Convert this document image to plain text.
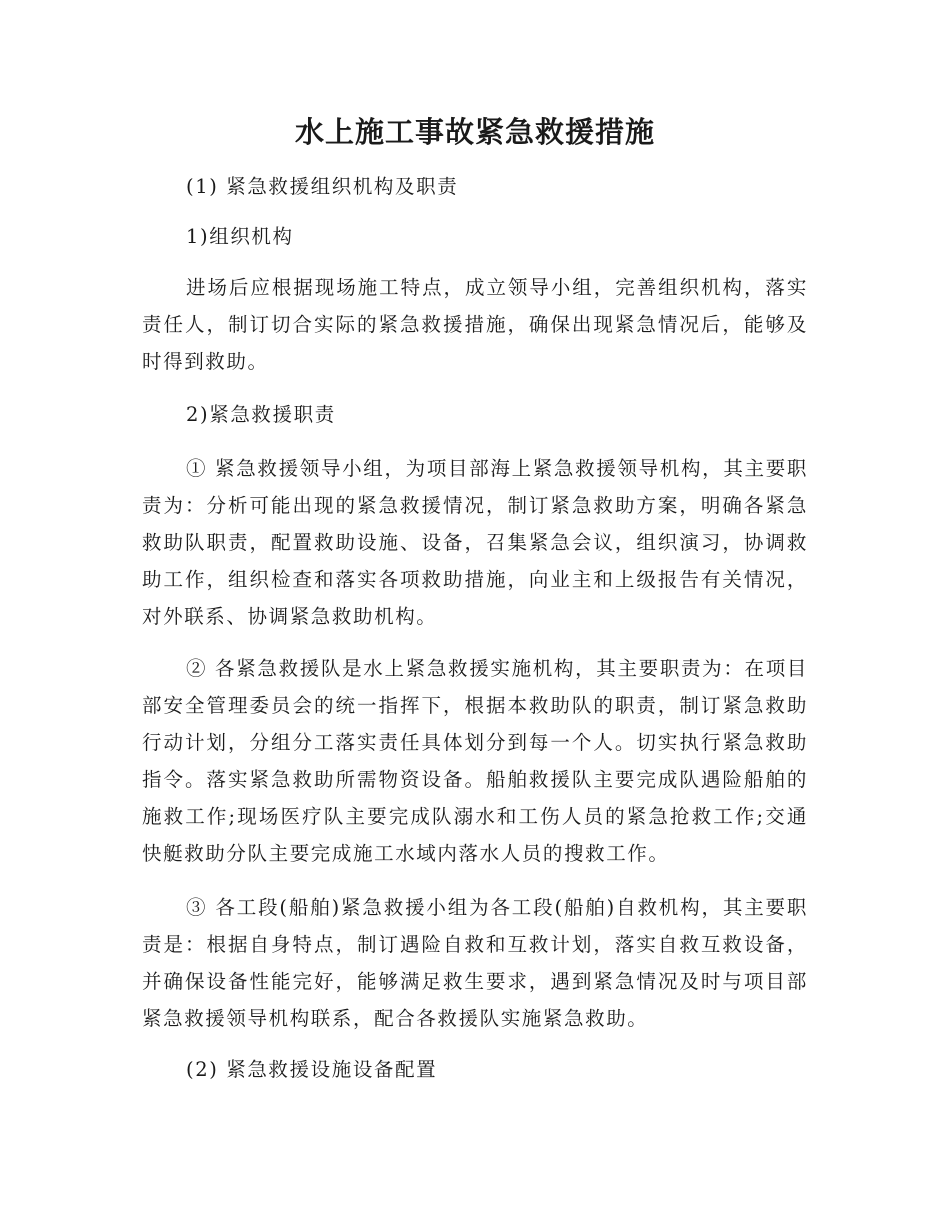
水上施工事故紧急救援措施

(1) 紧急救援组织机构及职责

1)组织机构

进场后应根据现场施工特点，成立领导小组，完善组织机构，落实责任人，制订切合实际的紧急救援措施，确保出现紧急情况后，能够及时得到救助。

2)紧急救援职责

① 紧急救援领导小组，为项目部海上紧急救援领导机构，其主要职责为：分析可能出现的紧急救援情况，制订紧急救助方案，明确各紧急救助队职责，配置救助设施、设备，召集紧急会议，组织演习，协调救助工作，组织检查和落实各项救助措施，向业主和上级报告有关情况，对外联系、协调紧急救助机构。

② 各紧急救援队是水上紧急救援实施机构，其主要职责为：在项目部安全管理委员会的统一指挥下，根据本救助队的职责，制订紧急救助行动计划，分组分工落实责任具体划分到每一个人。切实执行紧急救助指令。落实紧急救助所需物资设备。船舶救援队主要完成队遇险船舶的施救工作;现场医疗队主要完成队溺水和工伤人员的紧急抢救工作;交通快艇救助分队主要完成施工水域内落水人员的搜救工作。

③ 各工段(船舶)紧急救援小组为各工段(船舶)自救机构，其主要职责是：根据自身特点，制订遇险自救和互救计划，落实自救互救设备，并确保设备性能完好，能够满足救生要求，遇到紧急情况及时与项目部紧急救援领导机构联系，配合各救援队实施紧急救助。

(2) 紧急救援设施设备配置
